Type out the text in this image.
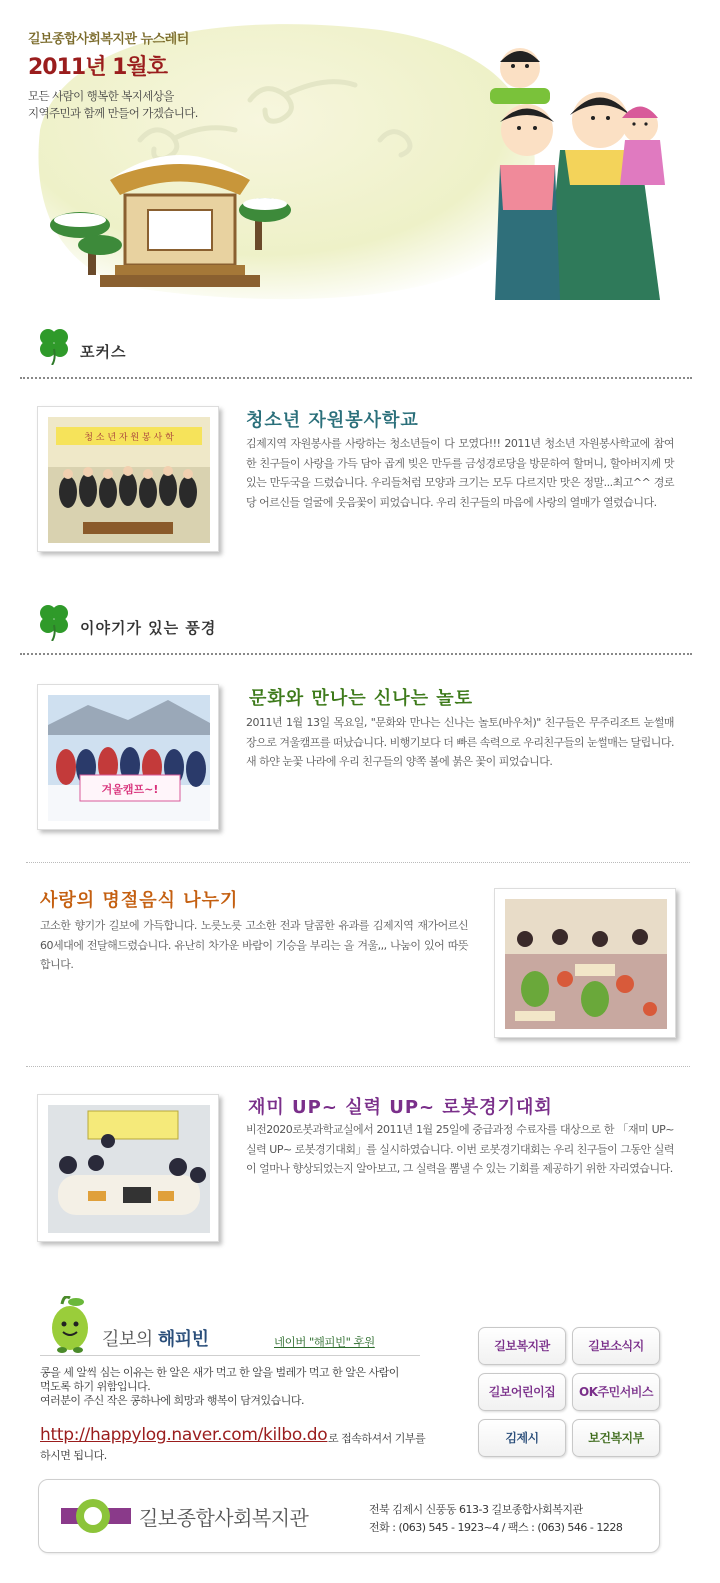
길보종합사회복지관 뉴스레터
2011년 1월호
모든 사람이 행복한 복지세상을
지역주민과 함께 만들어 가겠습니다.
포커스
청 소 년 자 원 봉 사 학
청소년 자원봉사학교
김제지역 자원봉사를 사랑하는 청소년들이 다 모였다!!! 2011년 청소년 자원봉사학교에 참여한 친구들이 사랑을 가득 담아 곱게 빚은 만두를 금성경로당을 방문하여 할머니, 할아버지께 맛있는 만두국을 드렸습니다. 우리들처럼 모양과 크기는 모두 다르지만 맛은 정말...최고^^ 경로당 어르신들 얼굴에 웃음꽃이 피었습니다. 우리 친구들의 마음에 사랑의 열매가 열렸습니다.
이야기가 있는 풍경
겨울캠프~!
문화와 만나는 신나는 놀토
2011년 1월 13일 목요일, "문화와 만나는 신나는 놀토(바우처)" 친구들은 무주리조트 눈썰매장으로 겨울캠프를 떠났습니다. 비행기보다 더 빠른 속력으로 우리친구들의 눈썰매는 달립니다. 새 하얀 눈꽃 나라에 우리 친구들의 양쪽 볼에 붉은 꽃이 피었습니다.
사랑의 명절음식 나누기
고소한 향기가 길보에 가득합니다. 노릇노릇 고소한 전과 달콤한 유과를 김제지역 재가어르신 60세대에 전달해드렸습니다. 유난히 차가운 바람이 기승을 부리는 올 겨울,,, 나눔이 있어 따뜻합니다.
재미 UP~ 실력 UP~ 로봇경기대회
비전2020로봇과학교실에서 2011년 1월 25일에 중급과정 수료자를 대상으로 한 「재미 UP~ 실력 UP~ 로봇경기대회」를 실시하였습니다. 이번 로봇경기대회는 우리 친구들이 그동안 실력이 얼마나 향상되었는지 알아보고, 그 실력을 뽐낼 수 있는 기회를 제공하기 위한 자리였습니다.
길보의 해피빈	네이버 "해피빈" 후원
콩을 세 알씩 심는 이유는 한 알은 새가 먹고 한 알을 벌레가 먹고 한 알은 사람이
먹도록 하기 위함입니다.
여러분이 주신 작은 콩하나에 희망과 행복이 담겨있습니다.
http://happylog.naver.com/kilbo.do 로 접속하셔서 기부를
하시면 됩니다.
길보복지관	길보소식지
길보어린이집	OK주민서비스
김제시	보건복지부
길보종합사회복지관	전북 김제시 신풍동 613-3 길보종합사회복지관
전화 : (063) 545 - 1923~4 / 팩스 : (063) 546 - 1228
